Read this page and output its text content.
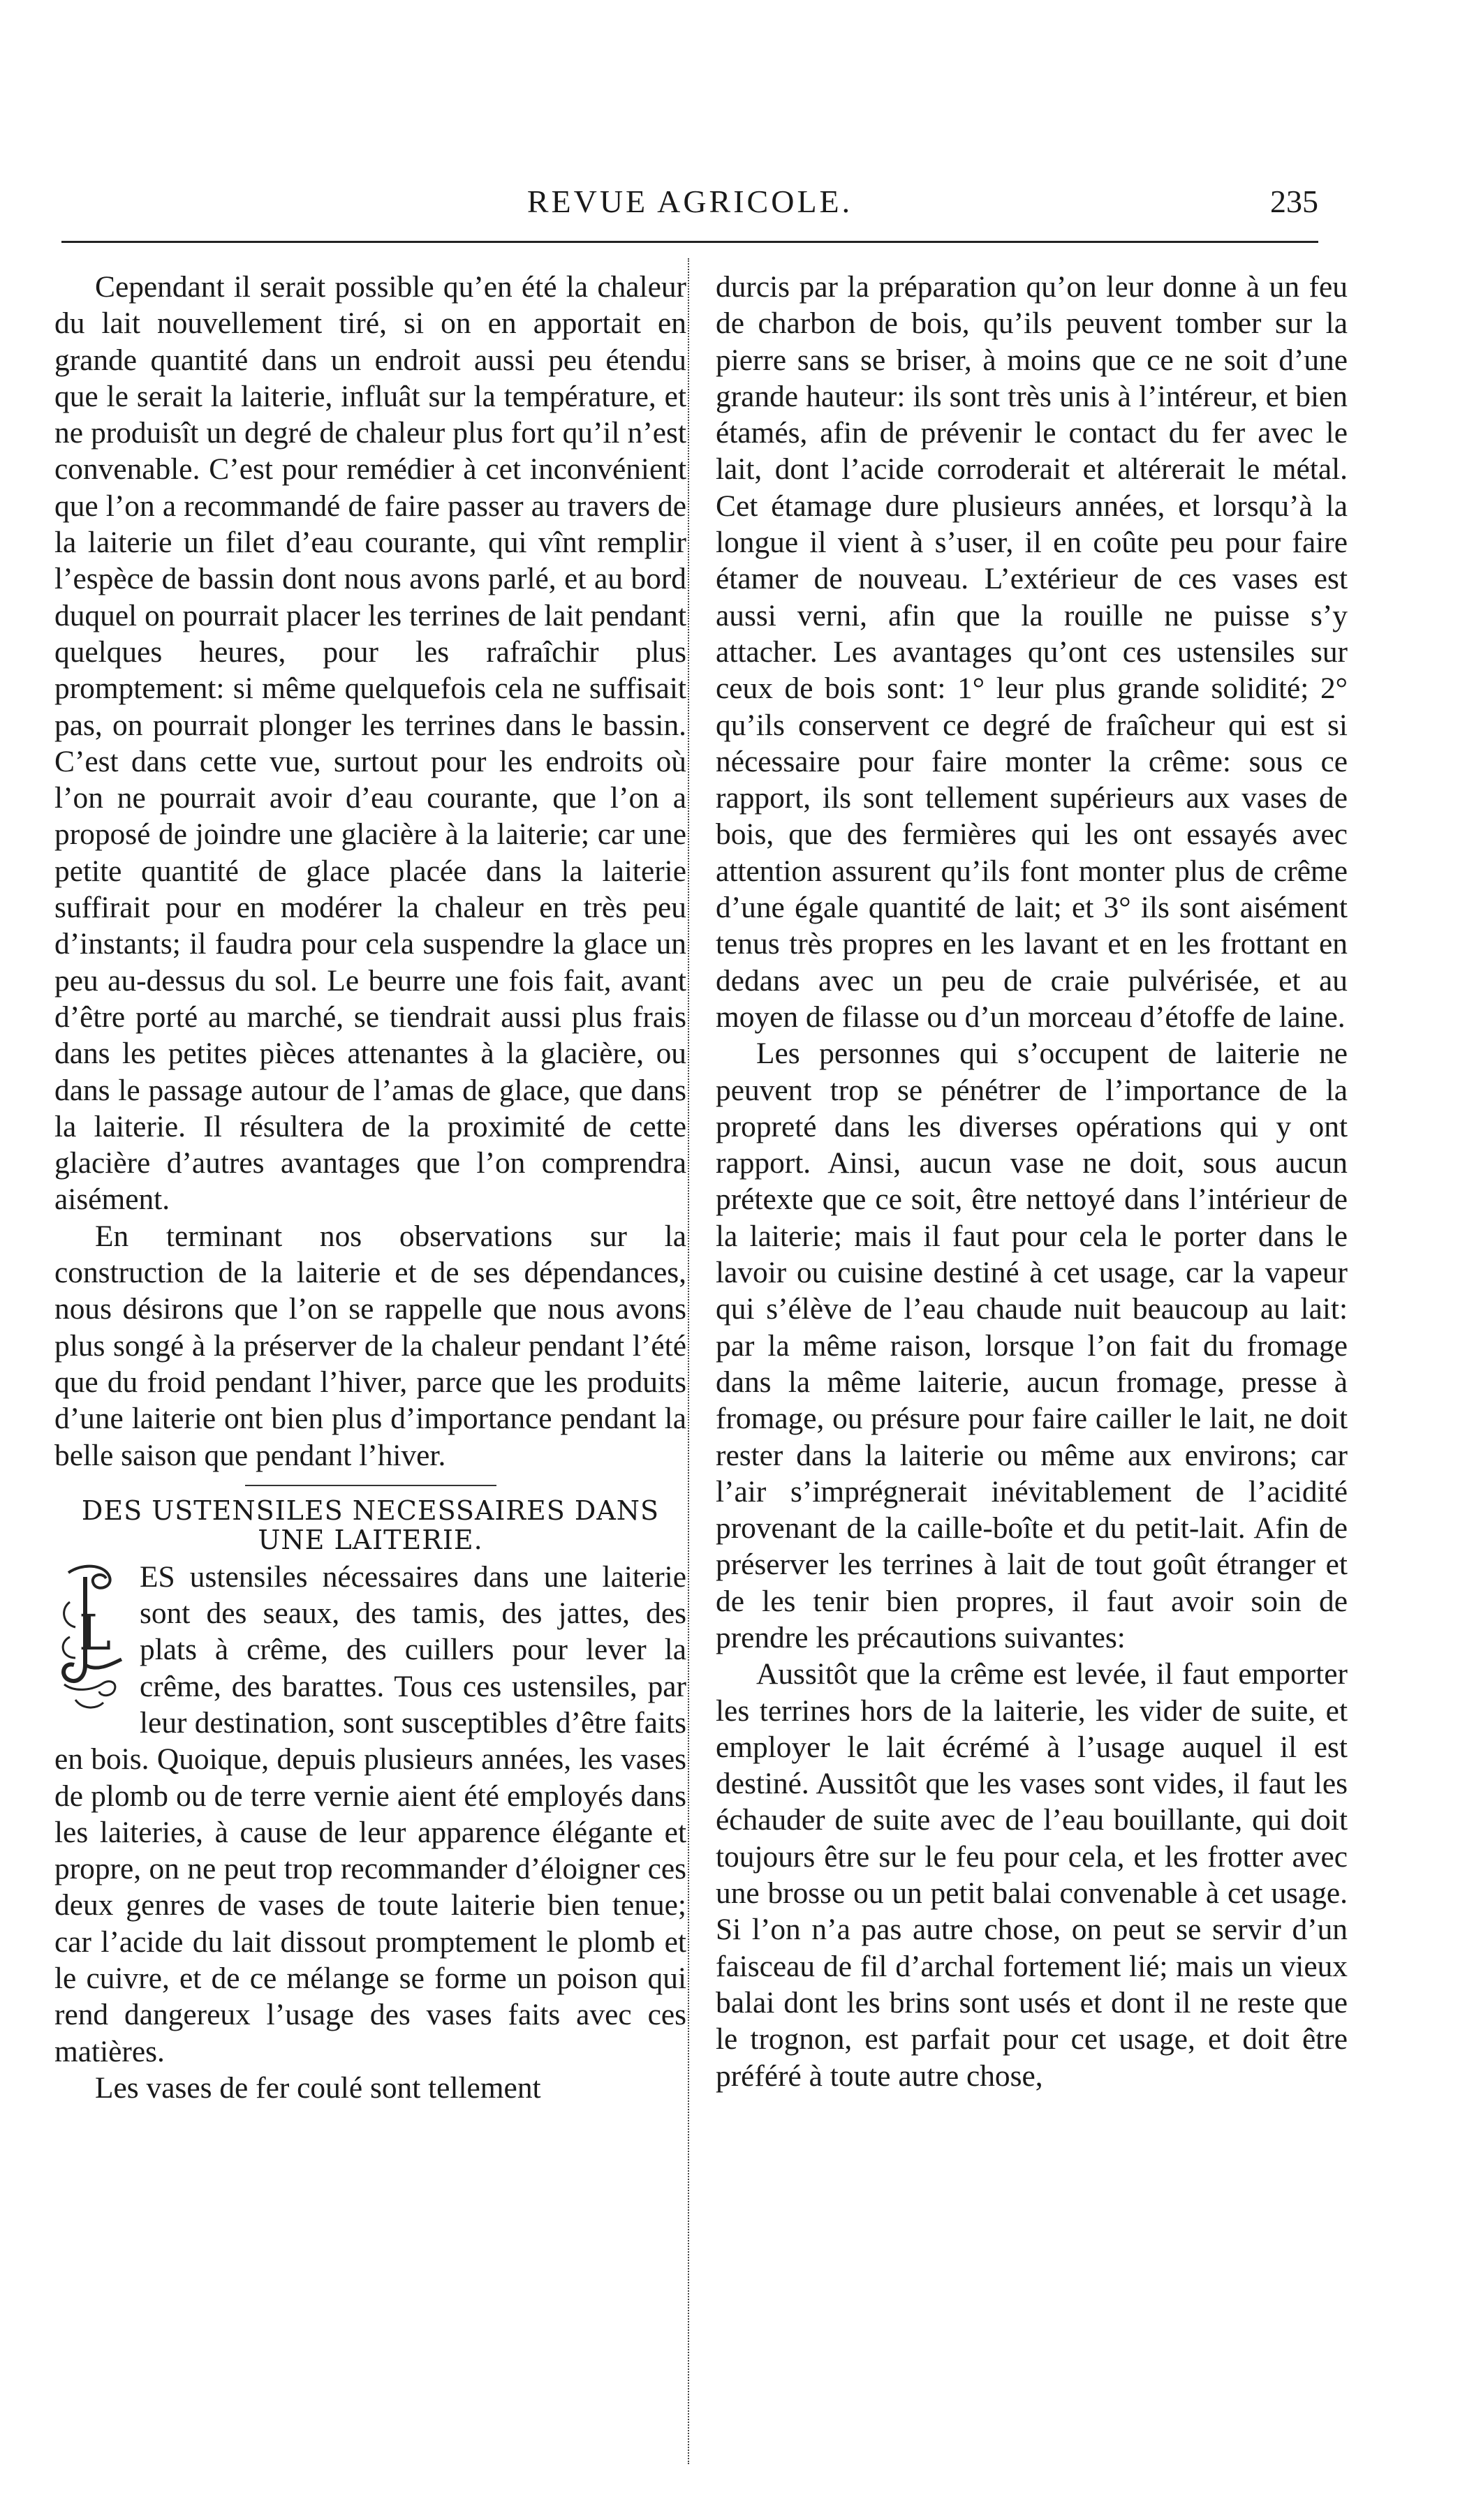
REVUE AGRICOLE.	235

Cependant il serait possible qu’en été la chaleur du lait nouvellement tiré, si on en apportait en grande quantité dans un endroit aussi peu étendu que le serait la laiterie, influât sur la température, et ne produisît un degré de chaleur plus fort qu’il n’est convenable. C’est pour remédier à cet inconvénient que l’on a recommandé de faire passer au travers de la laiterie un filet d’eau courante, qui vînt remplir l’espèce de bassin dont nous avons parlé, et au bord duquel on pourrait placer les terrines de lait pendant quelques heures, pour les rafraîchir plus promptement: si même quelquefois cela ne suffisait pas, on pourrait plonger les terrines dans le bassin. C’est dans cette vue, surtout pour les endroits où l’on ne pourrait avoir d’eau courante, que l’on a proposé de joindre une glacière à la laiterie; car une petite quantité de glace placée dans la laiterie suffirait pour en modérer la chaleur en très peu d’instants; il faudra pour cela suspendre la glace un peu au-dessus du sol. Le beurre une fois fait, avant d’être porté au marché, se tiendrait aussi plus frais dans les petites pièces attenantes à la glacière, ou dans le passage autour de l’amas de glace, que dans la laiterie. Il résultera de la proximité de cette glacière d’autres avantages que l’on comprendra aisément.

En terminant nos observations sur la construction de la laiterie et de ses dépendances, nous désirons que l’on se rappelle que nous avons plus songé à la préserver de la chaleur pendant l’été que du froid pendant l’hiver, parce que les produits d’une laiterie ont bien plus d’importance pendant la belle saison que pendant l’hiver.

DES USTENSILES NECESSAIRES DANS UNE LAITERIE.
L

ES ustensiles nécessaires dans une laiterie sont des seaux, des tamis, des jattes, des plats à crême, des cuillers pour lever la crême, des barattes. Tous ces ustensiles, par leur destination, sont susceptibles d’être faits en bois. Quoique, depuis plusieurs années, les vases de plomb ou de terre vernie aient été employés dans les laiteries, à cause de leur apparence élégante et propre, on ne peut trop recommander d’éloigner ces deux genres de vases de toute laiterie bien tenue; car l’acide du lait dissout promptement le plomb et le cuivre, et de ce mélange se forme un poison qui rend dangereux l’usage des vases faits avec ces matières.

Les vases de fer coulé sont tellement

durcis par la préparation qu’on leur donne à un feu de charbon de bois, qu’ils peuvent tomber sur la pierre sans se briser, à moins que ce ne soit d’une grande hauteur: ils sont très unis à l’intéreur, et bien étamés, afin de prévenir le contact du fer avec le lait, dont l’acide corroderait et altérerait le métal. Cet étamage dure plusieurs années, et lorsqu’à la longue il vient à s’user, il en coûte peu pour faire étamer de nouveau. L’extérieur de ces vases est aussi verni, afin que la rouille ne puisse s’y attacher. Les avantages qu’ont ces ustensiles sur ceux de bois sont: 1° leur plus grande solidité; 2° qu’ils conservent ce degré de fraîcheur qui est si nécessaire pour faire monter la crême: sous ce rapport, ils sont tellement supérieurs aux vases de bois, que des fermières qui les ont essayés avec attention assurent qu’ils font monter plus de crême d’une égale quantité de lait; et 3° ils sont aisément tenus très propres en les lavant et en les frottant en dedans avec un peu de craie pulvérisée, et au moyen de filasse ou d’un morceau d’étoffe de laine.

Les personnes qui s’occupent de laiterie ne peuvent trop se pénétrer de l’importance de la propreté dans les diverses opérations qui y ont rapport. Ainsi, aucun vase ne doit, sous aucun prétexte que ce soit, être nettoyé dans l’intérieur de la laiterie; mais il faut pour cela le porter dans le lavoir ou cuisine destiné à cet usage, car la vapeur qui s’élève de l’eau chaude nuit beaucoup au lait: par la même raison, lorsque l’on fait du fromage dans la même laiterie, aucun fromage, presse à fromage, ou présure pour faire cailler le lait, ne doit rester dans la laiterie ou même aux environs; car l’air s’imprégnerait inévitablement de l’acidité provenant de la caille-boîte et du petit-lait. Afin de préserver les terrines à lait de tout goût étranger et de les tenir bien propres, il faut avoir soin de prendre les précautions suivantes:

Aussitôt que la crême est levée, il faut emporter les terrines hors de la laiterie, les vider de suite, et employer le lait écrémé à l’usage auquel il est destiné. Aussitôt que les vases sont vides, il faut les échauder de suite avec de l’eau bouillante, qui doit toujours être sur le feu pour cela, et les frotter avec une brosse ou un petit balai convenable à cet usage. Si l’on n’a pas autre chose, on peut se servir d’un faisceau de fil d’archal fortement lié; mais un vieux balai dont les brins sont usés et dont il ne reste que le trognon, est parfait pour cet usage, et doit être préféré à toute autre chose,
